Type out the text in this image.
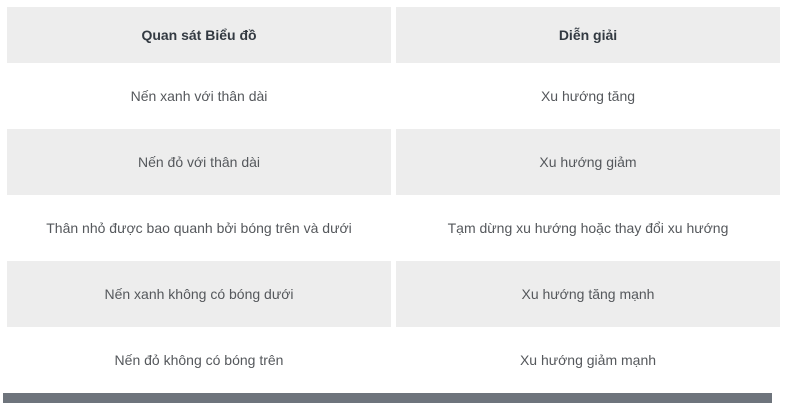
Quan sát Biểu đồ	Diễn giải
Nến xanh với thân dài	Xu hướng tăng
Nến đỏ với thân dài	Xu hướng giảm
Thân nhỏ được bao quanh bởi bóng trên và dưới	Tạm dừng xu hướng hoặc thay đổi xu hướng
Nến xanh không có bóng dưới	Xu hướng tăng mạnh
Nến đỏ không có bóng trên	Xu hướng giảm mạnh
